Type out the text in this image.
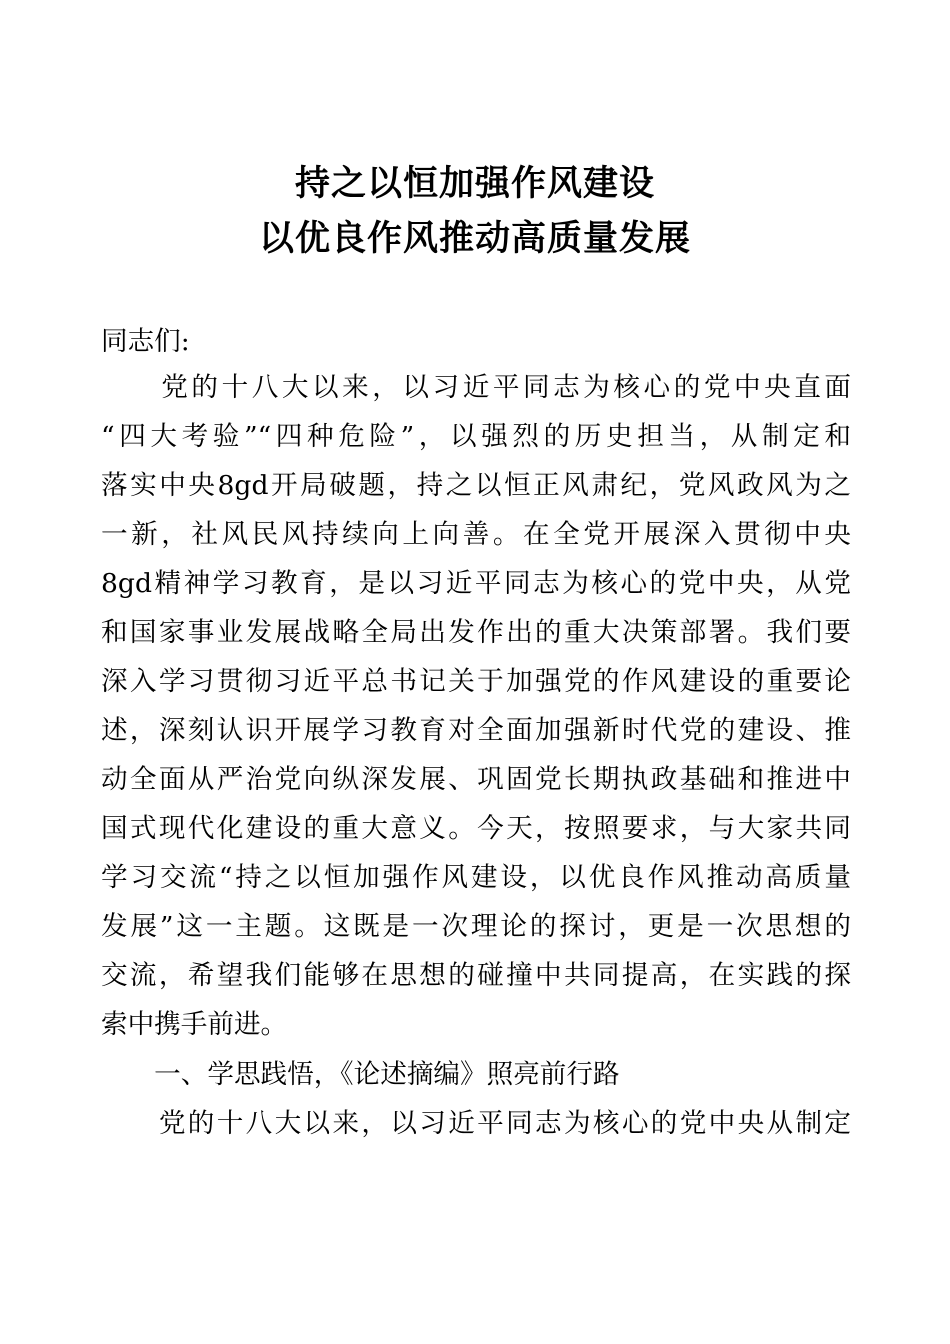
持之以恒加强作风建设
以优良作风推动高质量发展
同志们:
　　党的十八大以来，以习近平同志为核心的党中央直面
“四大考验”“四种危险”，以强烈的历史担当，从制定和
落实中央8gd开局破题，持之以恒正风肃纪，党风政风为之
一新，社风民风持续向上向善。在全党开展深入贯彻中央
8gd精神学习教育，是以习近平同志为核心的党中央，从党
和国家事业发展战略全局出发作出的重大决策部署。我们要
深入学习贯彻习近平总书记关于加强党的作风建设的重要论
述，深刻认识开展学习教育对全面加强新时代党的建设、推
动全面从严治党向纵深发展、巩固党长期执政基础和推进中
国式现代化建设的重大意义。今天，按照要求，与大家共同
学习交流“持之以恒加强作风建设，以优良作风推动高质量
发展”这一主题。这既是一次理论的探讨，更是一次思想的
交流，希望我们能够在思想的碰撞中共同提高，在实践的探
索中携手前进。
　　一、学思践悟，《论述摘编》照亮前行路
　　党的十八大以来，以习近平同志为核心的党中央从制定
